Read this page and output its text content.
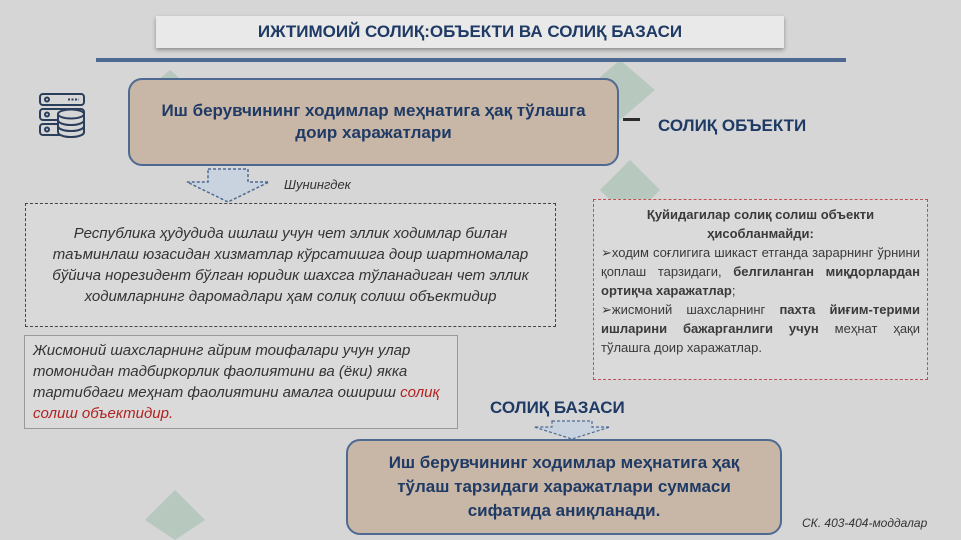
ИЖТИМОИЙ СОЛИҚ:ОБЪЕКТИ ВА СОЛИҚ БАЗАСИ
Иш берувчининг ходимлар меҳнатига ҳақ тўлашга доир харажатлари	СОЛИҚ ОБЪЕКТИ
Шунингдек
Республика ҳудудида ишлаш учун чет эллик ходимлар билан таъминлаш юзасидан хизматлар кўрсатишга доир шартномалар бўйича норезидент бўлган юридик шахсга тўланадиган чет эллик ходимларнинг даромадлари ҳам солиқ солиш объектидир
Жисмоний шахсларнинг айрим тоифалари учун улар томонидан тадбиркорлик фаолиятини ва (ёки) якка тартибдаги меҳнат фаолиятини амалга ошириш солиқ солиш объектидир.
Қуйидагилар солиқ солиш объекти ҳисобланмайди:
➢ходим соғлигига шикаст етганда зарарнинг ўрнини қоплаш тарзидаги, белгиланган миқдорлардан ортиқча харажатлар;
➢жисмоний шахсларнинг пахта йиғим-терими ишларини бажарганлиги учун меҳнат ҳақи тўлашга доир харажатлар.
СОЛИҚ БАЗАСИ
Иш берувчининг ходимлар меҳнатига ҳақ тўлаш тарзидаги харажатлари суммаси сифатида аниқланади.
СК. 403-404-моддалар
